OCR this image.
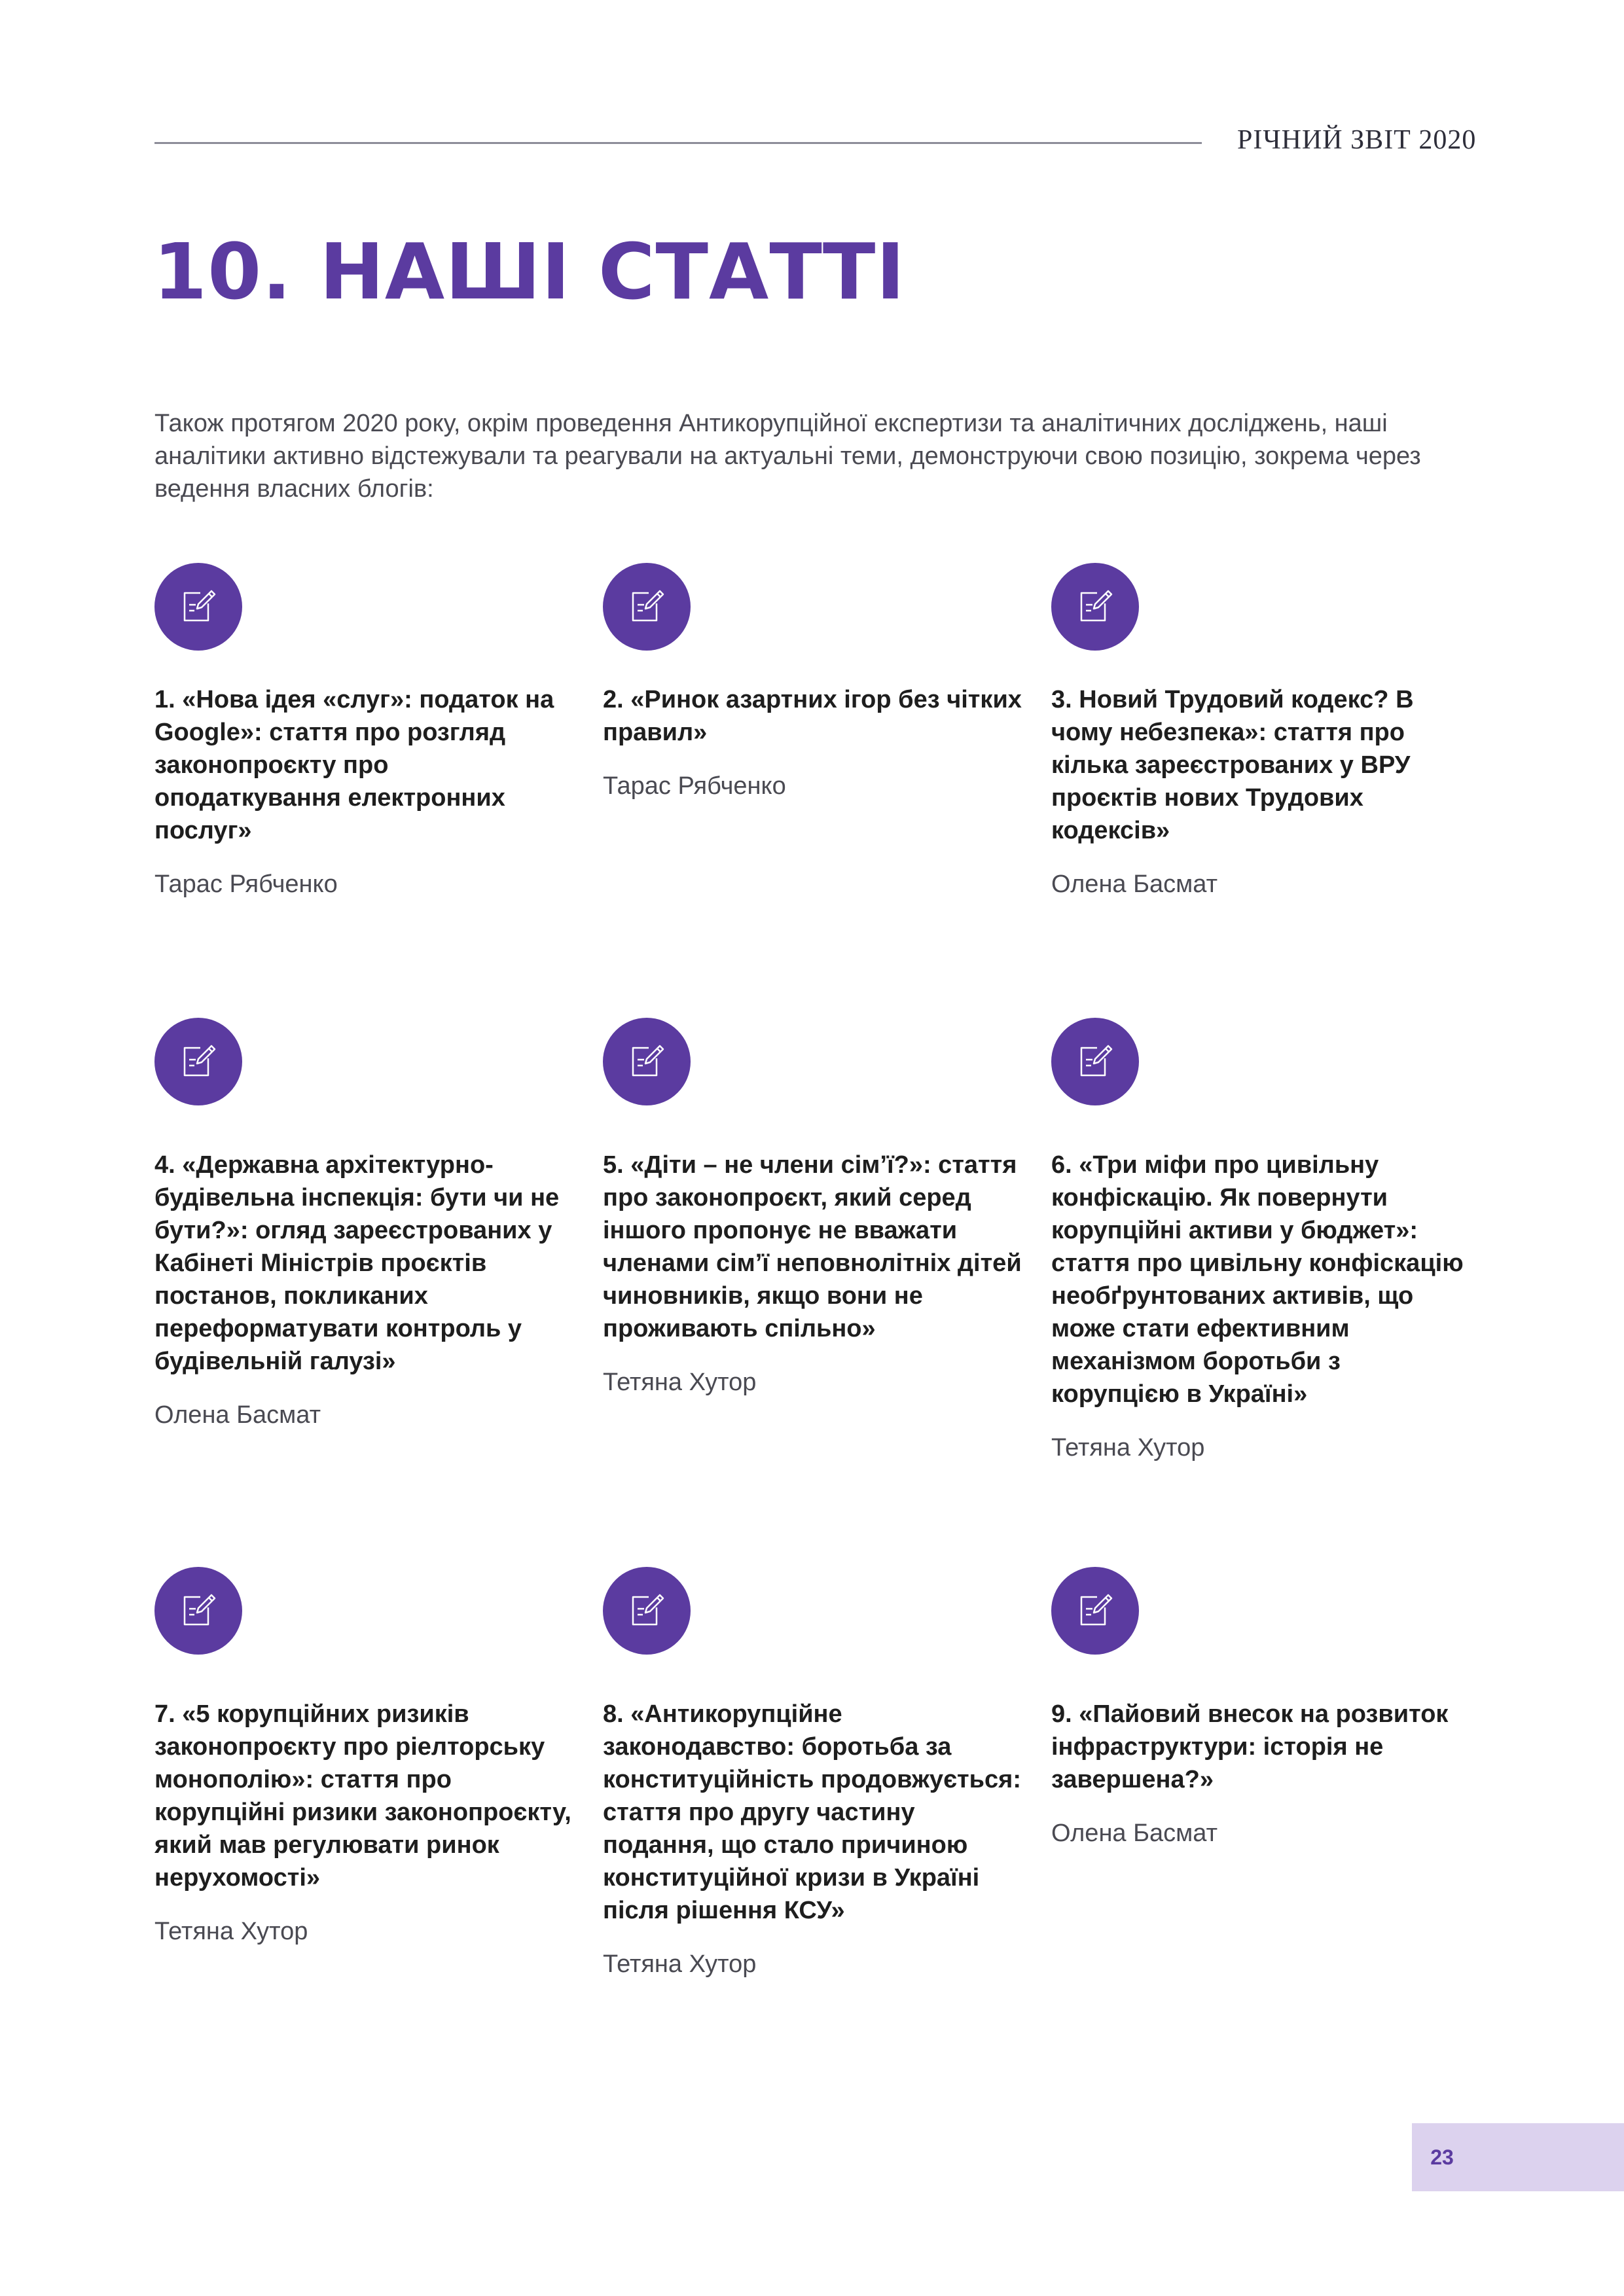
РІЧНИЙ ЗВІТ 2020
10. НАШІ СТАТТІ
Також протягом 2020 року, окрім проведення Антикорупційної експертизи та аналітичних досліджень, наші аналітики активно відстежували та реагували на актуальні теми, демонструючи свою позицію, зокрема через ведення власних блогів:
1. «Нова ідея «слуг»: податок на Google»: стаття про розгляд законопроєкту про оподаткування електронних послуг»
Тарас Рябченко
2. «Ринок азартних ігор без чітких правил»
Тарас Рябченко
3. Новий Трудовий кодекс? В чому небезпека»: стаття про кілька зареєстрованих у ВРУ проєктів нових Трудових кодексів»
Олена Басмат
4. «Державна архітектурно-будівельна інспекція: бути чи не бути?»: огляд зареєстрованих у Кабінеті Міністрів проєктів постанов, покликаних переформатувати контроль у будівельній галузі»
Олена Басмат
5. «Діти – не члени сім’ї?»: стаття про законопроєкт, який серед іншого пропонує не вважати членами сім’ї неповнолітніх дітей чиновників, якщо вони не проживають спільно»
Тетяна Хутор
6. «Три міфи про цивільну конфіскацію. Як повернути корупційні активи у бюджет»: стаття про цивільну конфіскацію необґрунтованих активів, що може стати ефективним механізмом боротьби з корупцією в Україні»
Тетяна Хутор
7. «5 корупційних ризиків законопроєкту про ріелторську монополію»: стаття про корупційні ризики законопроєкту, який мав регулювати ринок нерухомості»
Тетяна Хутор
8. «Антикорупційне законодавство: боротьба за конституційність продовжується: стаття про другу частину подання, що стало причиною конституційної кризи в Україні після рішення КСУ»
Тетяна Хутор
9. «Пайовий внесок на розвиток інфраструктури: історія не завершена?»
Олена Басмат
23
